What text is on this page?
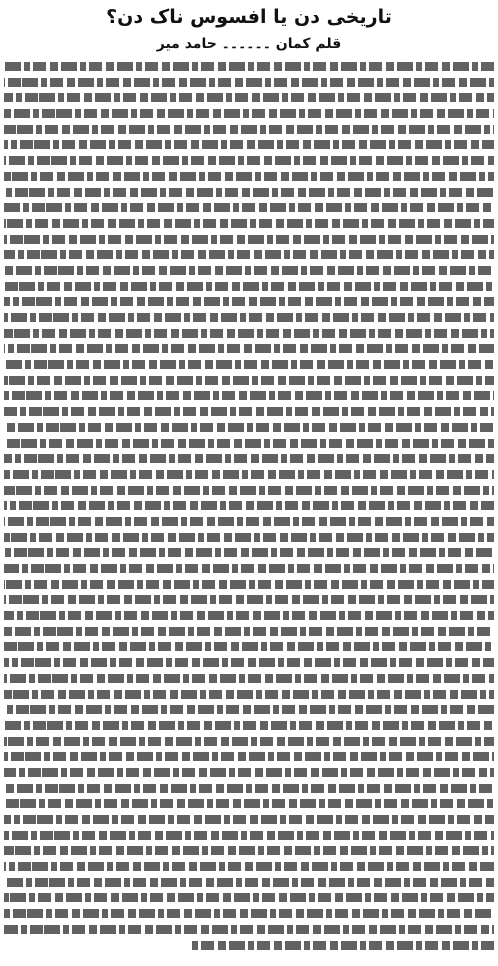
تاریخی دن یا افسوس ناک دن؟
قلم کمان ۔۔۔۔۔۔ حامد میر
